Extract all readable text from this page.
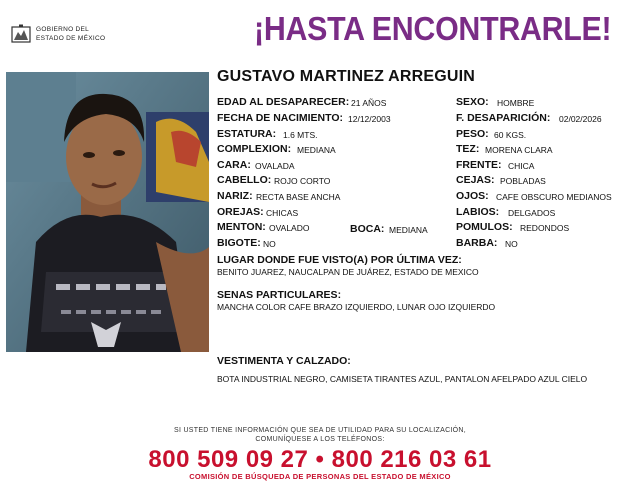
GOBIERNO DEL
ESTADO DE MÉXICO	¡HASTA ENCONTRARLE!
GUSTAVO MARTINEZ ARREGUIN
EDAD AL DESAPARECER: 21 AÑOS
FECHA DE NACIMIENTO: 12/12/2003
ESTATURA: 1.6 MTS.
COMPLEXION: MEDIANA
CARA: OVALADA
CABELLO: ROJO CORTO
NARIZ: RECTA BASE ANCHA
OREJAS: CHICAS
MENTON: OVALADO
BIGOTE: NO
BOCA: MEDIANA
SEXO: HOMBRE
F. DESAPARICIÓN: 02/02/2026
PESO: 60 KGS.
TEZ: MORENA CLARA
FRENTE: CHICA
CEJAS: POBLADAS
OJOS: CAFE OBSCURO MEDIANOS
LABIOS: DELGADOS
POMULOS: REDONDOS
BARBA: NO
LUGAR DONDE FUE VISTO(A) POR ÚLTIMA VEZ:
BENITO JUAREZ, NAUCALPAN DE JUÁREZ, ESTADO DE MEXICO
SENAS PARTICULARES:
MANCHA COLOR CAFE BRAZO IZQUIERDO, LUNAR OJO IZQUIERDO
VESTIMENTA Y CALZADO:
BOTA INDUSTRIAL NEGRO, CAMISETA TIRANTES AZUL, PANTALON AFELPADO AZUL CIELO
SI USTED TIENE INFORMACIÓN QUE SEA DE UTILIDAD PARA SU LOCALIZACIÓN,
COMUNÍQUESE A LOS TELÉFONOS:
800 509 09 27 • 800 216 03 61
COMISIÓN DE BÚSQUEDA DE PERSONAS DEL ESTADO DE MÉXICO
